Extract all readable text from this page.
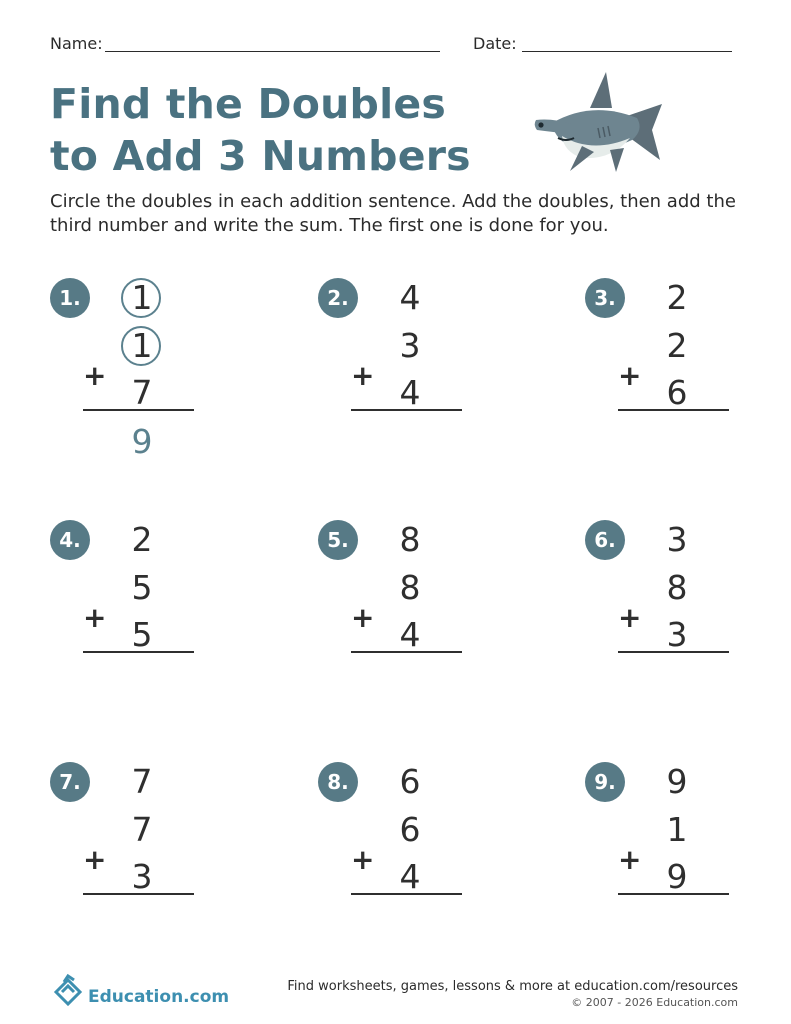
Name:	Date:
Find the Doubles
to Add 3 Numbers

Circle the doubles in each addition sentence. Add the doubles, then add the third number and write the sum. The first one is done for you.

1. 1
1
7
+
9
2. 4
3
4
+
3. 2
2
6
+
4. 2
5
5
+
5. 8
8
4
+
6. 3
8
3
+
7. 7
7
3
+
8. 6
6
4
+
9. 9
1
9
+
Education.com
Find worksheets, games, lessons & more at education.com/resources
© 2007 - 2026 Education.com
